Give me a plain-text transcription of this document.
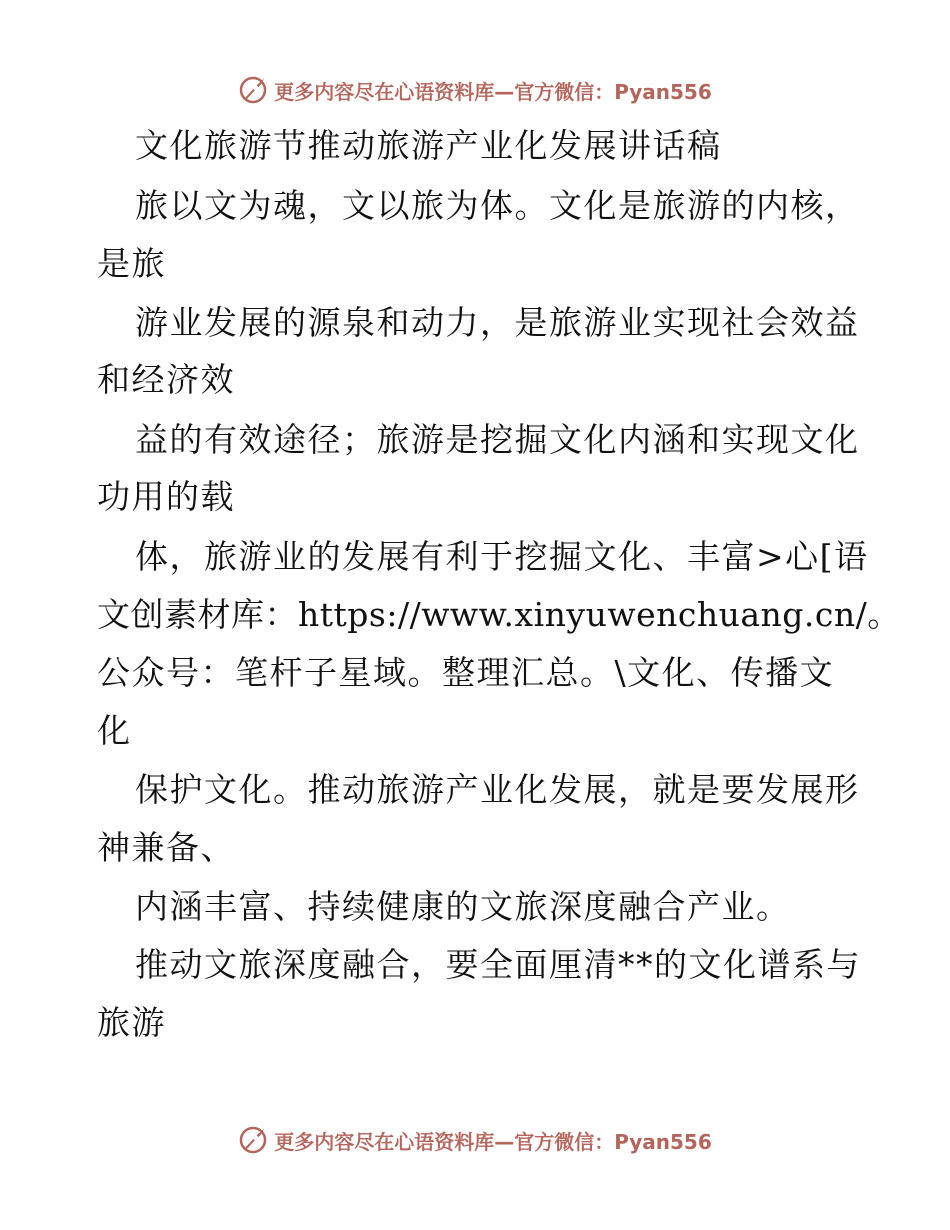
更多内容尽在心语资料库—官方微信：Pyan556
文化旅游节推动旅游产业化发展讲话稿
旅以文为魂，文以旅为体。文化是旅游的内核，
是旅
游业发展的源泉和动力，是旅游业实现社会效益
和经济效
益的有效途径；旅游是挖掘文化内涵和实现文化
功用的载
体，旅游业的发展有利于挖掘文化、丰富>心[语
文创素材库：https://www.xinyuwenchuang.cn/。
公众号：笔杆子星域。整理汇总。\文化、传播文
化
保护文化。推动旅游产业化发展，就是要发展形
神兼备、
内涵丰富、持续健康的文旅深度融合产业。
推动文旅深度融合，要全面厘清**的文化谱系与
旅游
更多内容尽在心语资料库—官方微信：Pyan556
